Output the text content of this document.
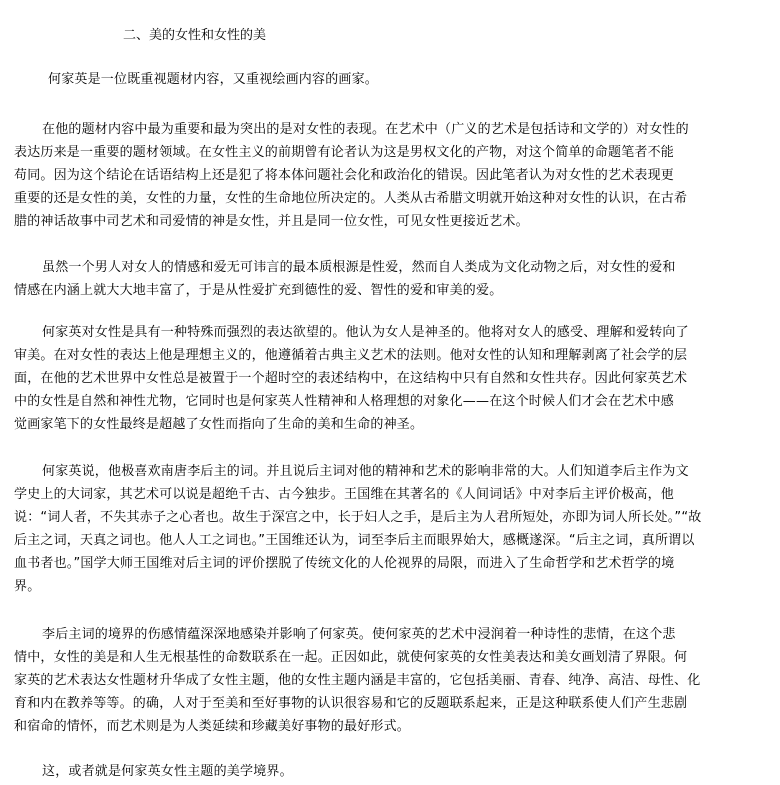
二、美的女性和女性的美
何家英是一位既重视题材内容，又重视绘画内容的画家。
在他的题材内容中最为重要和最为突出的是对女性的表现。在艺术中（广义的艺术是包括诗和文学的）对女性的
表达历来是一重要的题材领域。在女性主义的前期曾有论者认为这是男权文化的产物，对这个简单的命题笔者不能
苟同。因为这个结论在话语结构上还是犯了将本体问题社会化和政治化的错误。因此笔者认为对女性的艺术表现更
重要的还是女性的美，女性的力量，女性的生命地位所决定的。人类从古希腊文明就开始这种对女性的认识，在古希
腊的神话故事中司艺术和司爱情的神是女性，并且是同一位女性，可见女性更接近艺术。
虽然一个男人对女人的情感和爱无可讳言的最本质根源是性爱，然而自人类成为文化动物之后，对女性的爱和
情感在内涵上就大大地丰富了，于是从性爱扩充到德性的爱、智性的爱和审美的爱。
何家英对女性是具有一种特殊而强烈的表达欲望的。他认为女人是神圣的。他将对女人的感受、理解和爱转向了
审美。在对女性的表达上他是理想主义的，他遵循着古典主义艺术的法则。他对女性的认知和理解剥离了社会学的层
面，在他的艺术世界中女性总是被置于一个超时空的表述结构中，在这结构中只有自然和女性共存。因此何家英艺术
中的女性是自然和神性尤物，它同时也是何家英人性精神和人格理想的对象化——在这个时候人们才会在艺术中感
觉画家笔下的女性最终是超越了女性而指向了生命的美和生命的神圣。
何家英说，他极喜欢南唐李后主的词。并且说后主词对他的精神和艺术的影响非常的大。人们知道李后主作为文
学史上的大词家，其艺术可以说是超绝千古、古今独步。王国维在其著名的《人间词话》中对李后主评价极高，他
说：“词人者，不失其赤子之心者也。故生于深宫之中，长于妇人之手，是后主为人君所短处，亦即为词人所长处。”“故
后主之词，天真之词也。他人人工之词也。”王国维还认为，词至李后主而眼界始大，感概遂深。“后主之词，真所谓以
血书者也。”国学大师王国维对后主词的评价摆脱了传统文化的人伦视界的局限，而进入了生命哲学和艺术哲学的境
界。
李后主词的境界的伤感情蕴深深地感染并影响了何家英。使何家英的艺术中浸润着一种诗性的悲情，在这个悲
情中，女性的美是和人生无根基性的命数联系在一起。正因如此，就使何家英的女性美表达和美女画划清了界限。何
家英的艺术表达女性题材升华成了女性主题，他的女性主题内涵是丰富的，它包括美丽、青春、纯净、高洁、母性、化
育和内在教养等等。的确，人对于至美和至好事物的认识很容易和它的反题联系起来，正是这种联系使人们产生悲剧
和宿命的情怀，而艺术则是为人类延续和珍藏美好事物的最好形式。
这，或者就是何家英女性主题的美学境界。
